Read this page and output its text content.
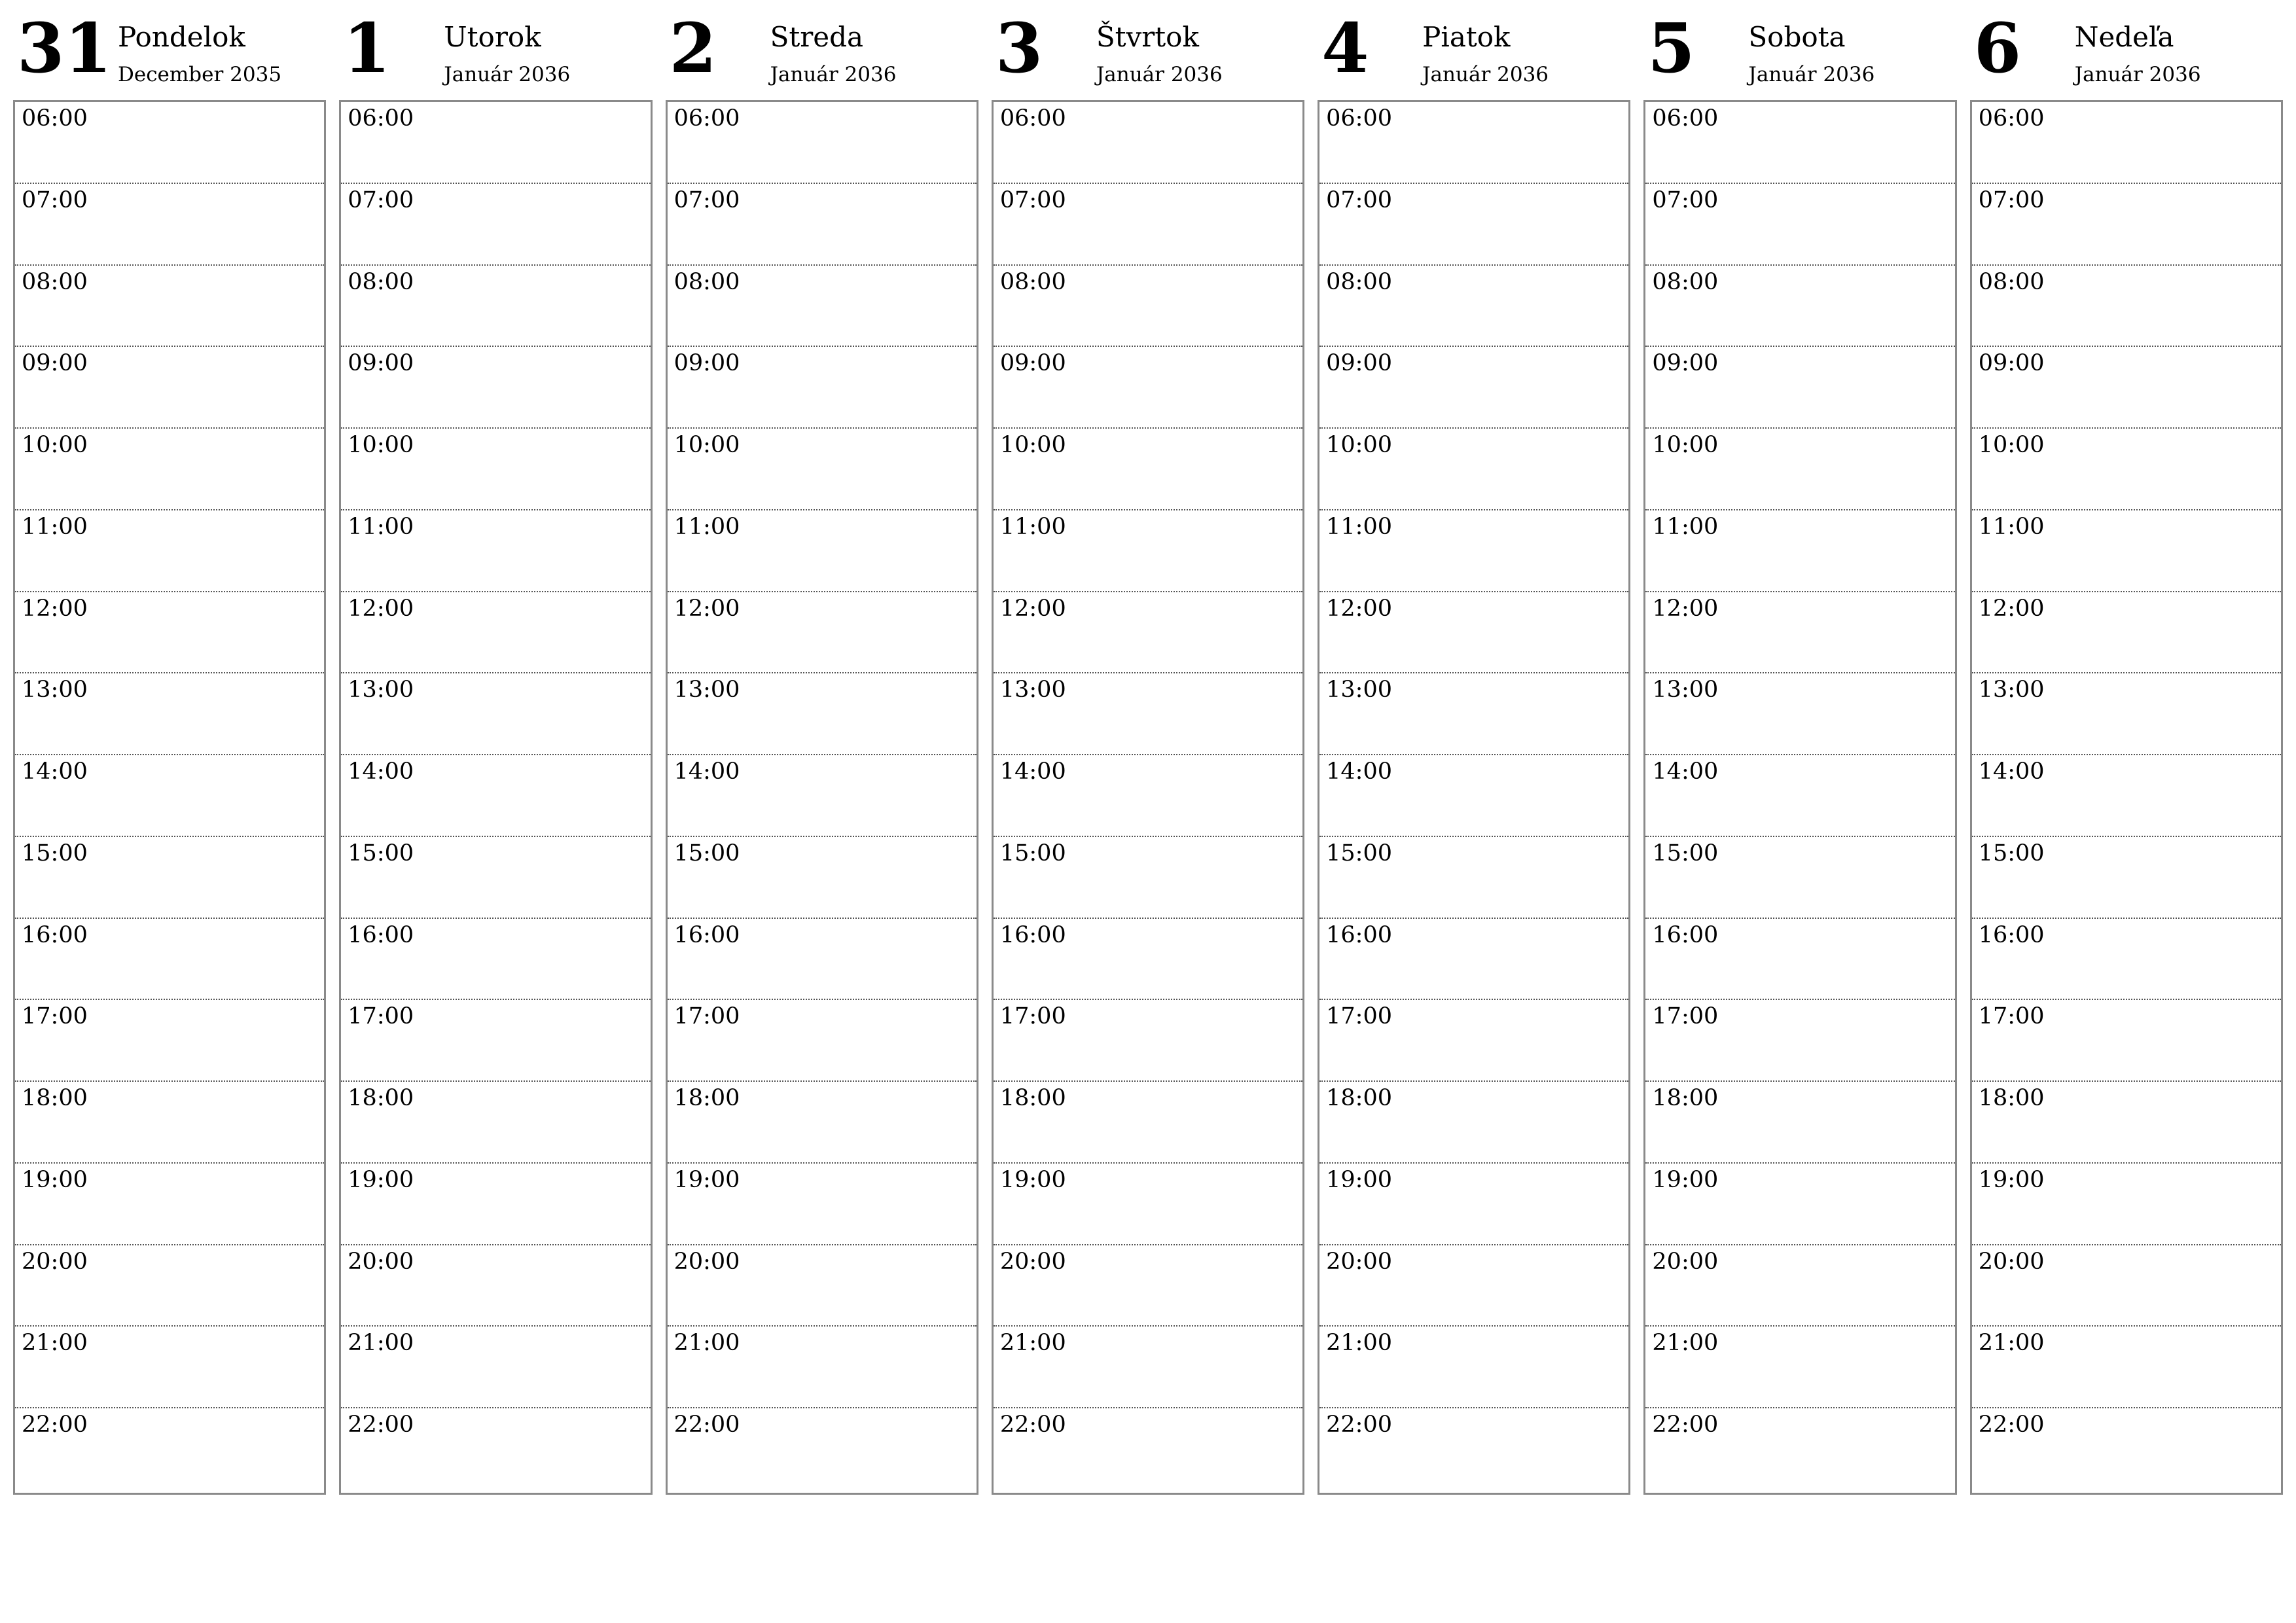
31 Pondelok
December 2035
06:00
07:00
08:00
09:00
10:00
11:00
12:00
13:00
14:00
15:00
16:00
17:00
18:00
19:00
20:00
21:00
22:00
1 Utorok
Január 2036
06:00
07:00
08:00
09:00
10:00
11:00
12:00
13:00
14:00
15:00
16:00
17:00
18:00
19:00
20:00
21:00
22:00
2 Streda
Január 2036
06:00
07:00
08:00
09:00
10:00
11:00
12:00
13:00
14:00
15:00
16:00
17:00
18:00
19:00
20:00
21:00
22:00
3 Štvrtok
Január 2036
06:00
07:00
08:00
09:00
10:00
11:00
12:00
13:00
14:00
15:00
16:00
17:00
18:00
19:00
20:00
21:00
22:00
4 Piatok
Január 2036
06:00
07:00
08:00
09:00
10:00
11:00
12:00
13:00
14:00
15:00
16:00
17:00
18:00
19:00
20:00
21:00
22:00
5 Sobota
Január 2036
06:00
07:00
08:00
09:00
10:00
11:00
12:00
13:00
14:00
15:00
16:00
17:00
18:00
19:00
20:00
21:00
22:00
6 Nedeľa
Január 2036
06:00
07:00
08:00
09:00
10:00
11:00
12:00
13:00
14:00
15:00
16:00
17:00
18:00
19:00
20:00
21:00
22:00
